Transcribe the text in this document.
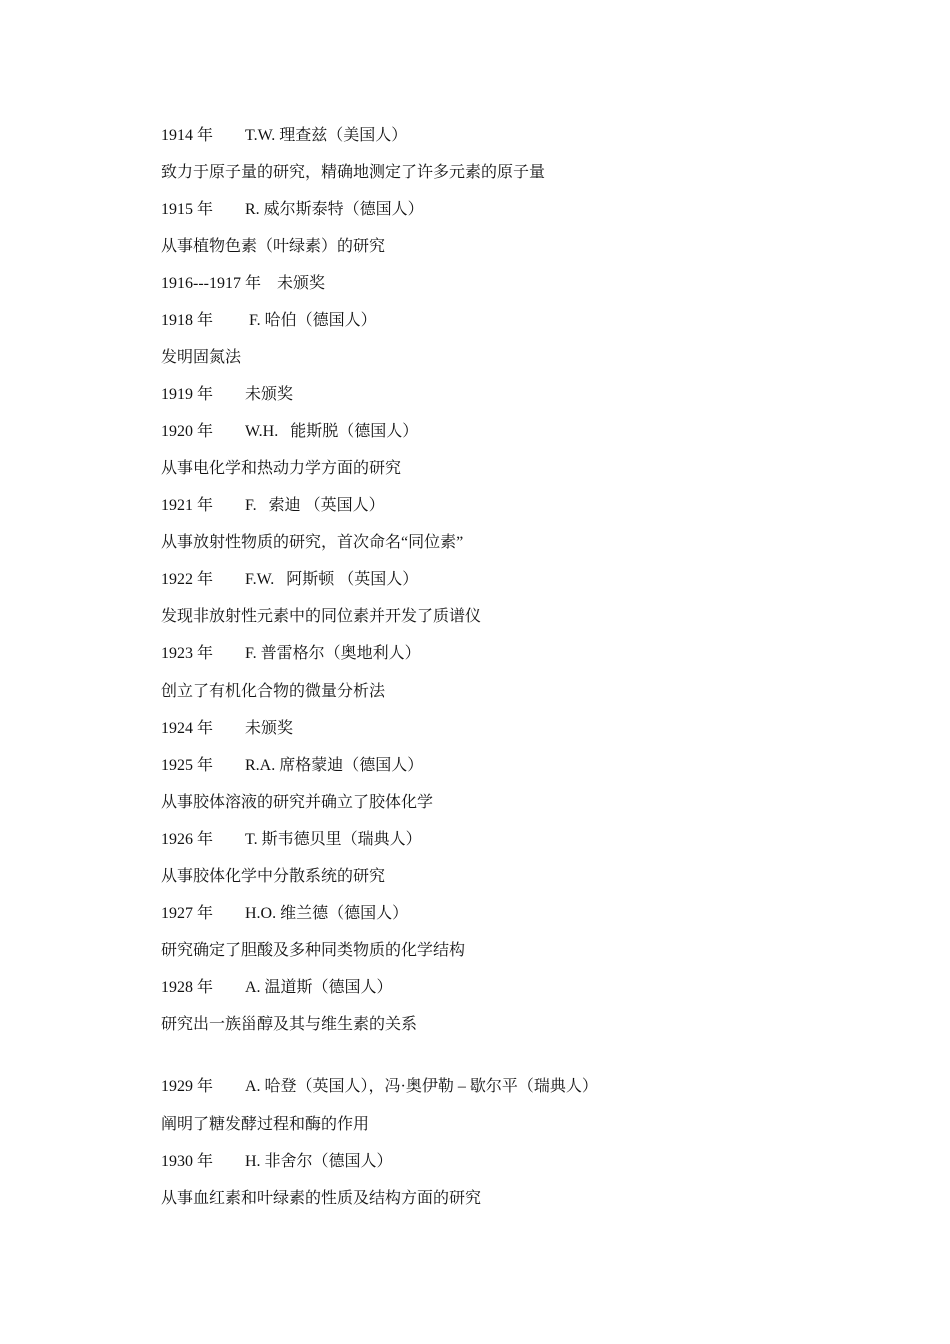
1914 年  T.W. 理查兹（美国人）
致力于原子量的研究，精确地测定了许多元素的原子量
1915 年  R. 威尔斯泰特（德国人）
从事植物色素（叶绿素）的研究
1916---1917 年 未颁奖
1918 年   F. 哈伯（德国人）
发明固氮法
1919 年  未颁奖
1920 年  W.H.  能斯脱（德国人）
从事电化学和热动力学方面的研究
1921 年  F.  索迪 （英国人）
从事放射性物质的研究，首次命名“同位素”
1922 年  F.W.  阿斯顿 （英国人）
发现非放射性元素中的同位素并开发了质谱仪
1923 年  F. 普雷格尔（奥地利人）
创立了有机化合物的微量分析法
1924 年  未颁奖
1925 年  R.A. 席格蒙迪（德国人）
从事胶体溶液的研究并确立了胶体化学
1926 年  T. 斯韦德贝里（瑞典人）
从事胶体化学中分散系统的研究
1927 年  H.O. 维兰德（德国人）
研究确定了胆酸及多种同类物质的化学结构
1928 年  A. 温道斯（德国人）
研究出一族甾醇及其与维生素的关系
1929 年  A. 哈登（英国人），冯·奥伊勒 – 歇尔平（瑞典人）
阐明了糖发酵过程和酶的作用
1930 年  H. 非舍尔（德国人）
从事血红素和叶绿素的性质及结构方面的研究
